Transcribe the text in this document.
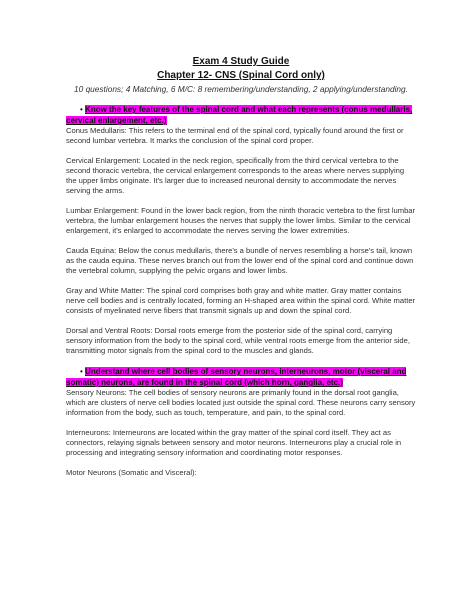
Exam 4 Study Guide
Chapter 12- CNS (Spinal Cord only)
10 questions; 4 Matching, 6 M/C: 8 remembering/understanding, 2 applying/understanding.
• Know the key features of the spinal cord and what each represents (conus medullaris, cervical enlargement, etc.)

Conus Medullaris: This refers to the terminal end of the spinal cord, typically found around the first or second lumbar vertebra. It marks the conclusion of the spinal cord proper.

Cervical Enlargement: Located in the neck region, specifically from the third cervical vertebra to the second thoracic vertebra, the cervical enlargement corresponds to the areas where nerves supplying the upper limbs originate. It's larger due to increased neuronal density to accommodate the nerves serving the arms.

Lumbar Enlargement: Found in the lower back region, from the ninth thoracic vertebra to the first lumbar vertebra, the lumbar enlargement houses the nerves that supply the lower limbs. Similar to the cervical enlargement, it's enlarged to accommodate the nerves serving the lower extremities.

Cauda Equina: Below the conus medullaris, there's a bundle of nerves resembling a horse's tail, known as the cauda equina. These nerves branch out from the lower end of the spinal cord and continue down the vertebral column, supplying the pelvic organs and lower limbs.

Gray and White Matter: The spinal cord comprises both gray and white matter. Gray matter contains nerve cell bodies and is centrally located, forming an H-shaped area within the spinal cord. White matter consists of myelinated nerve fibers that transmit signals up and down the spinal cord.

Dorsal and Ventral Roots: Dorsal roots emerge from the posterior side of the spinal cord, carrying sensory information from the body to the spinal cord, while ventral roots emerge from the anterior side, transmitting motor signals from the spinal cord to the muscles and glands.

• Understand where cell bodies of sensory neurons, interneurons, motor (visceral and somatic) neurons, are found in the spinal cord (which horn, ganglia, etc.)

Sensory Neurons: The cell bodies of sensory neurons are primarily found in the dorsal root ganglia, which are clusters of nerve cell bodies located just outside the spinal cord. These neurons carry sensory information from the body, such as touch, temperature, and pain, to the spinal cord.

Interneurons: Interneurons are located within the gray matter of the spinal cord itself. They act as connectors, relaying signals between sensory and motor neurons. Interneurons play a crucial role in processing and integrating sensory information and coordinating motor responses.

Motor Neurons (Somatic and Visceral):
